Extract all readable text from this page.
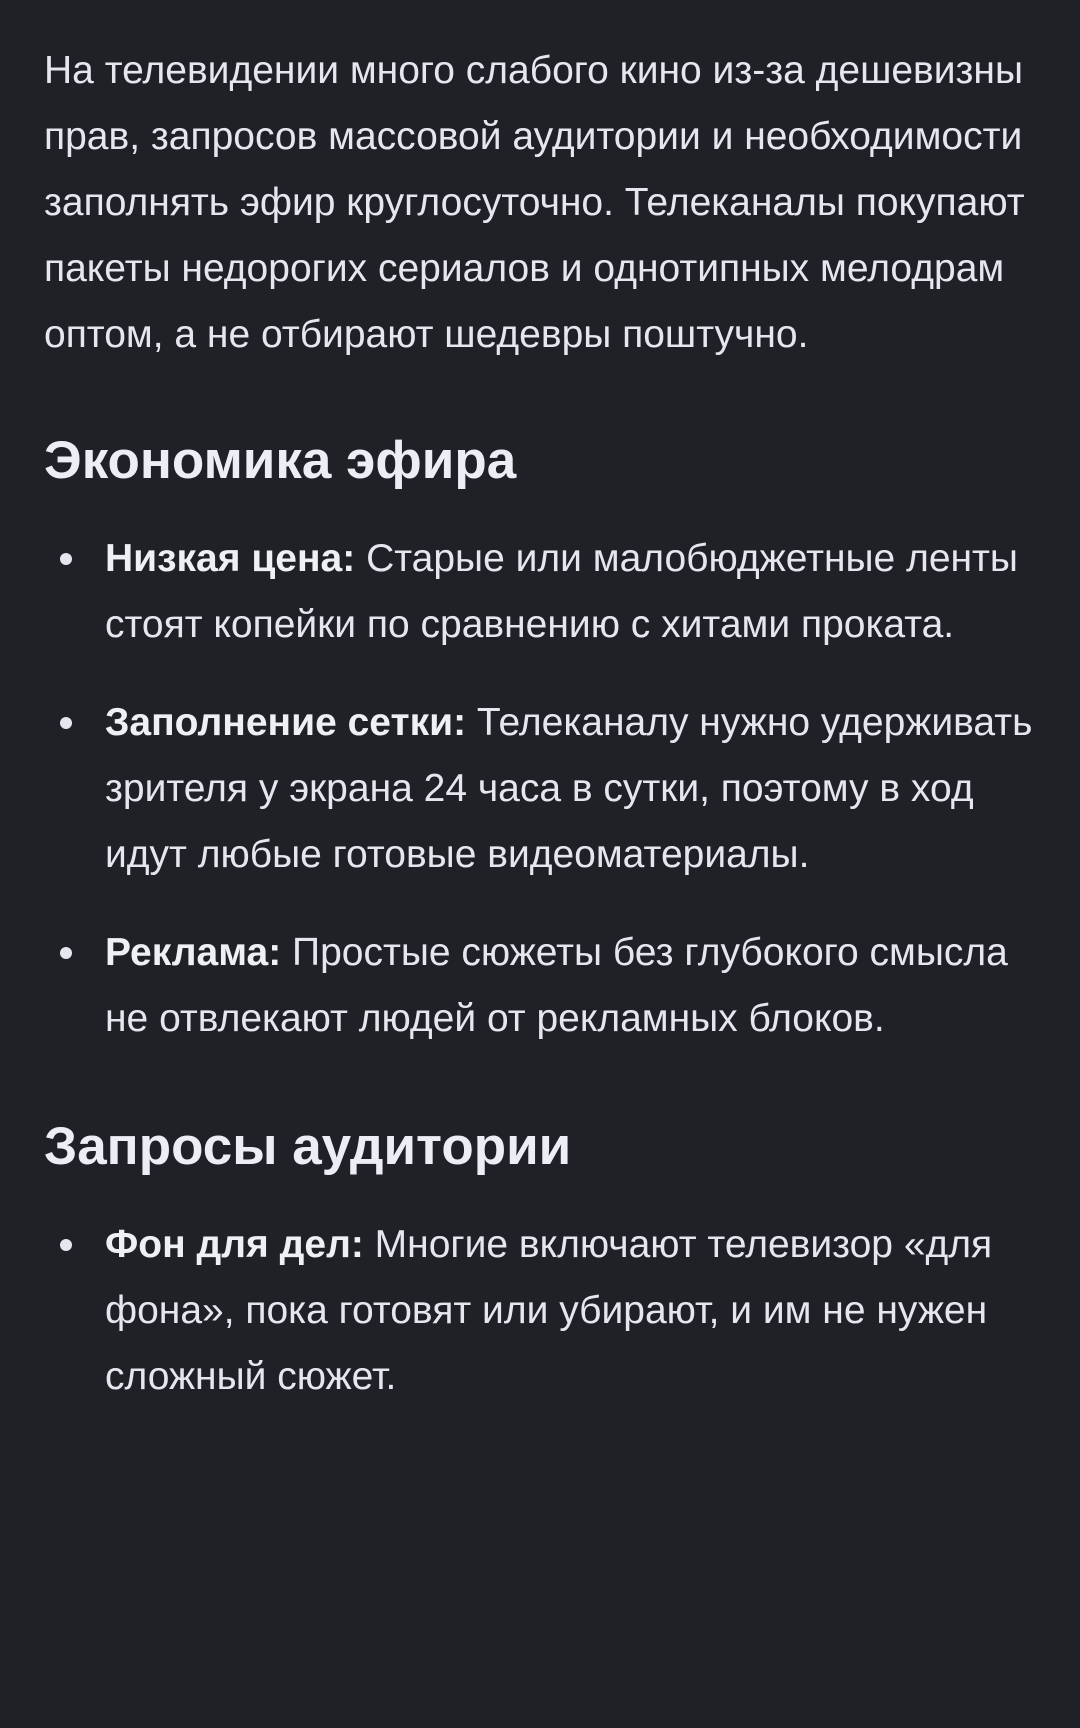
На телевидении много слабого кино из-за дешевизны прав, запросов массовой аудитории и необходимости заполнять эфир круглосуточно. Телеканалы покупают пакеты недорогих сериалов и однотипных мелодрам оптом, а не отбирают шедевры поштучно.

Экономика эфира
Низкая цена: Старые или малобюджетные ленты стоят копейки по сравнению с хитами проката.
Заполнение сетки: Телеканалу нужно удерживать зрителя у экрана 24 часа в сутки, поэтому в ход идут любые готовые видеоматериалы.
Реклама: Простые сюжеты без глубокого смысла не отвлекают людей от рекламных блоков.
Запросы аудитории
Фон для дел: Многие включают телевизор «для фона», пока готовят или убирают, и им не нужен сложный сюжет.
